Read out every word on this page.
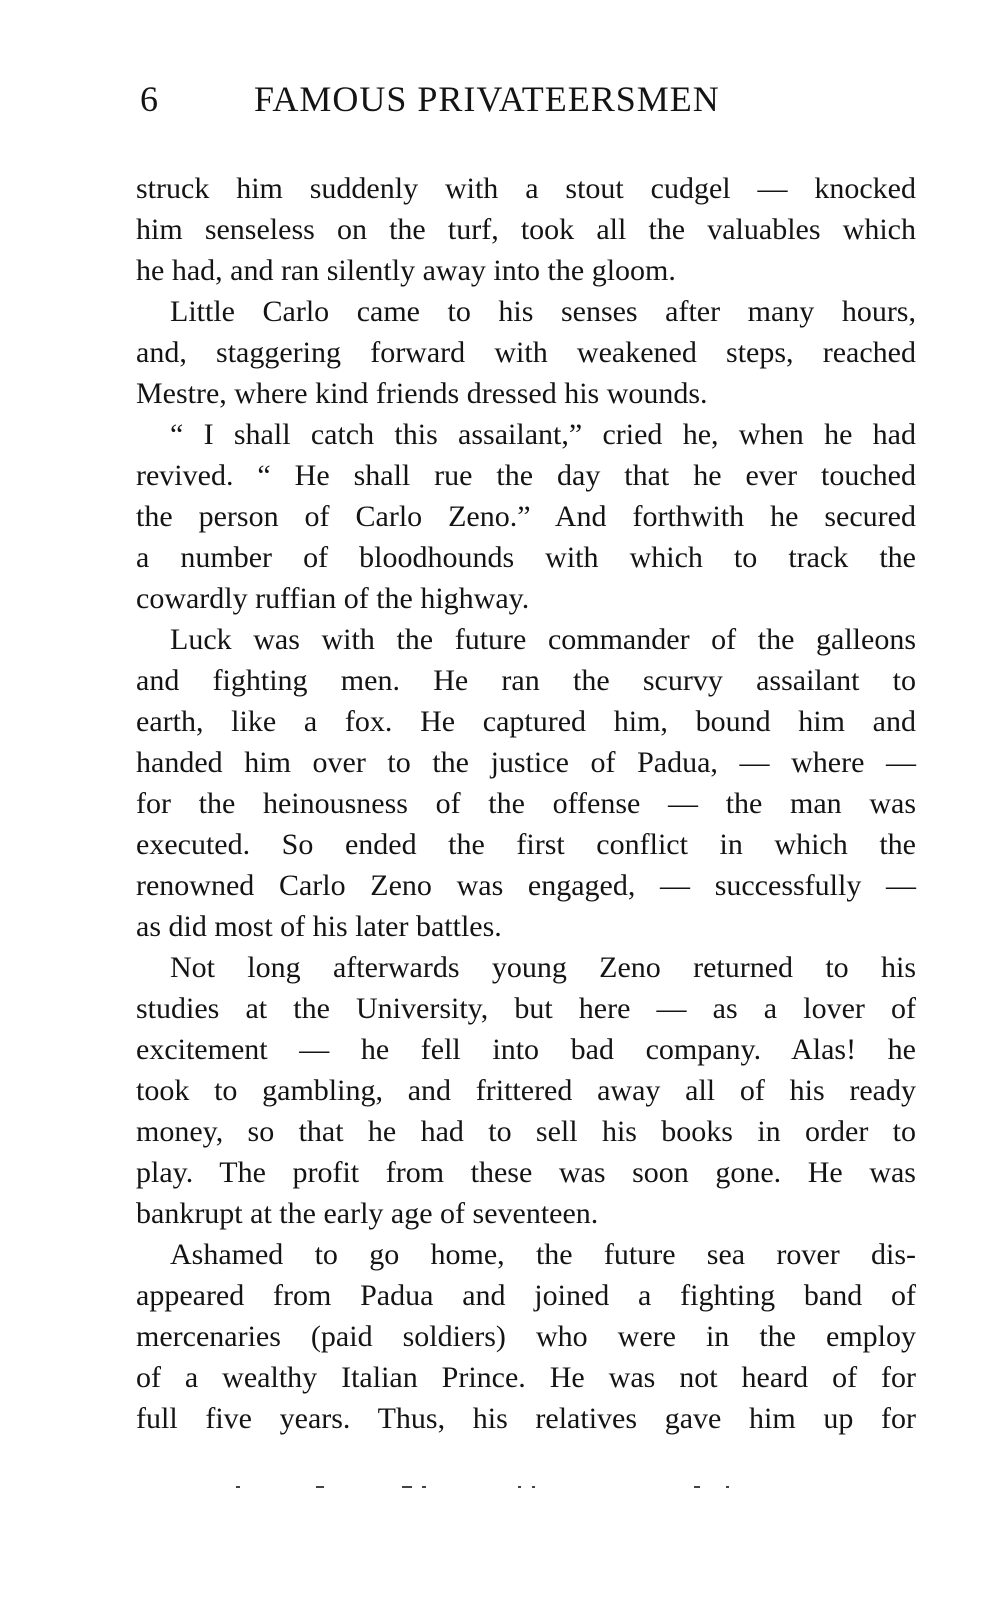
6	FAMOUS PRIVATEERSMEN
struck him suddenly with a stout cudgel — knocked
him senseless on the turf, took all the valuables which
he had, and ran silently away into the gloom.
Little Carlo came to his senses after many hours,
and, staggering forward with weakened steps, reached
Mestre, where kind friends dressed his wounds.
“ I shall catch this assailant,” cried he, when he had
revived. “ He shall rue the day that he ever touched
the person of Carlo Zeno.” And forthwith he secured
a number of bloodhounds with which to track the
cowardly ruffian of the highway.
Luck was with the future commander of the galleons
and fighting men. He ran the scurvy assailant to
earth, like a fox. He captured him, bound him and
handed him over to the justice of Padua, — where —
for the heinousness of the offense — the man was
executed. So ended the first conflict in which the
renowned Carlo Zeno was engaged, — successfully —
as did most of his later battles.
Not long afterwards young Zeno returned to his
studies at the University, but here — as a lover of
excitement — he fell into bad company. Alas! he
took to gambling, and frittered away all of his ready
money, so that he had to sell his books in order to
play. The profit from these was soon gone. He was
bankrupt at the early age of seventeen.
Ashamed to go home, the future sea rover dis-
appeared from Padua and joined a fighting band of
mercenaries (paid soldiers) who were in the employ
of a wealthy Italian Prince. He was not heard of for
full five years. Thus, his relatives gave him up for
